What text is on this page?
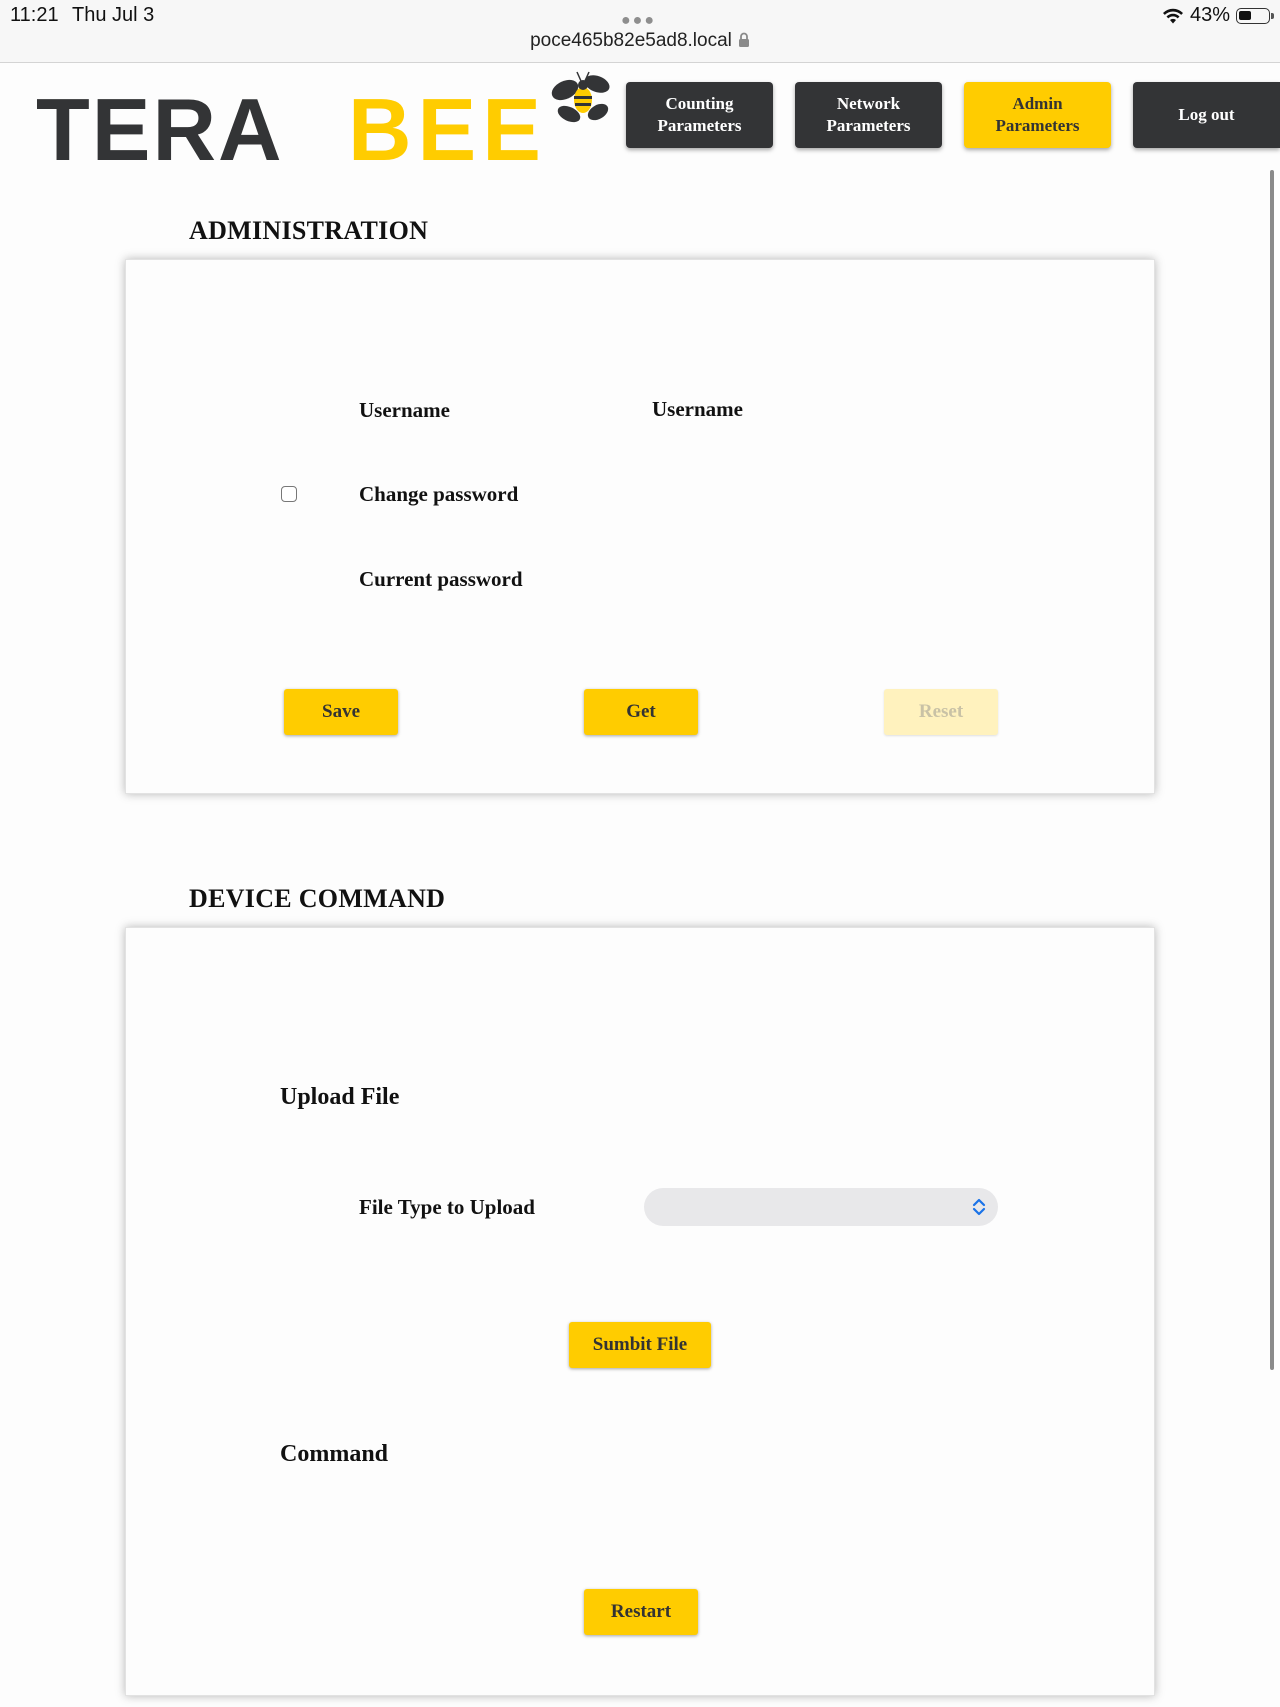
11:21 Thu Jul 3	●●●	43%
poce465b82e5ad8.local
TERA BEE	Counting
Parameters
Network
Parameters
Admin
Parameters
Log out
ADMINISTRATION
Username	Username
Change password
Current password
Save	Get	Reset
DEVICE COMMAND
Upload File
File Type to Upload
Sumbit File
Command
Restart
